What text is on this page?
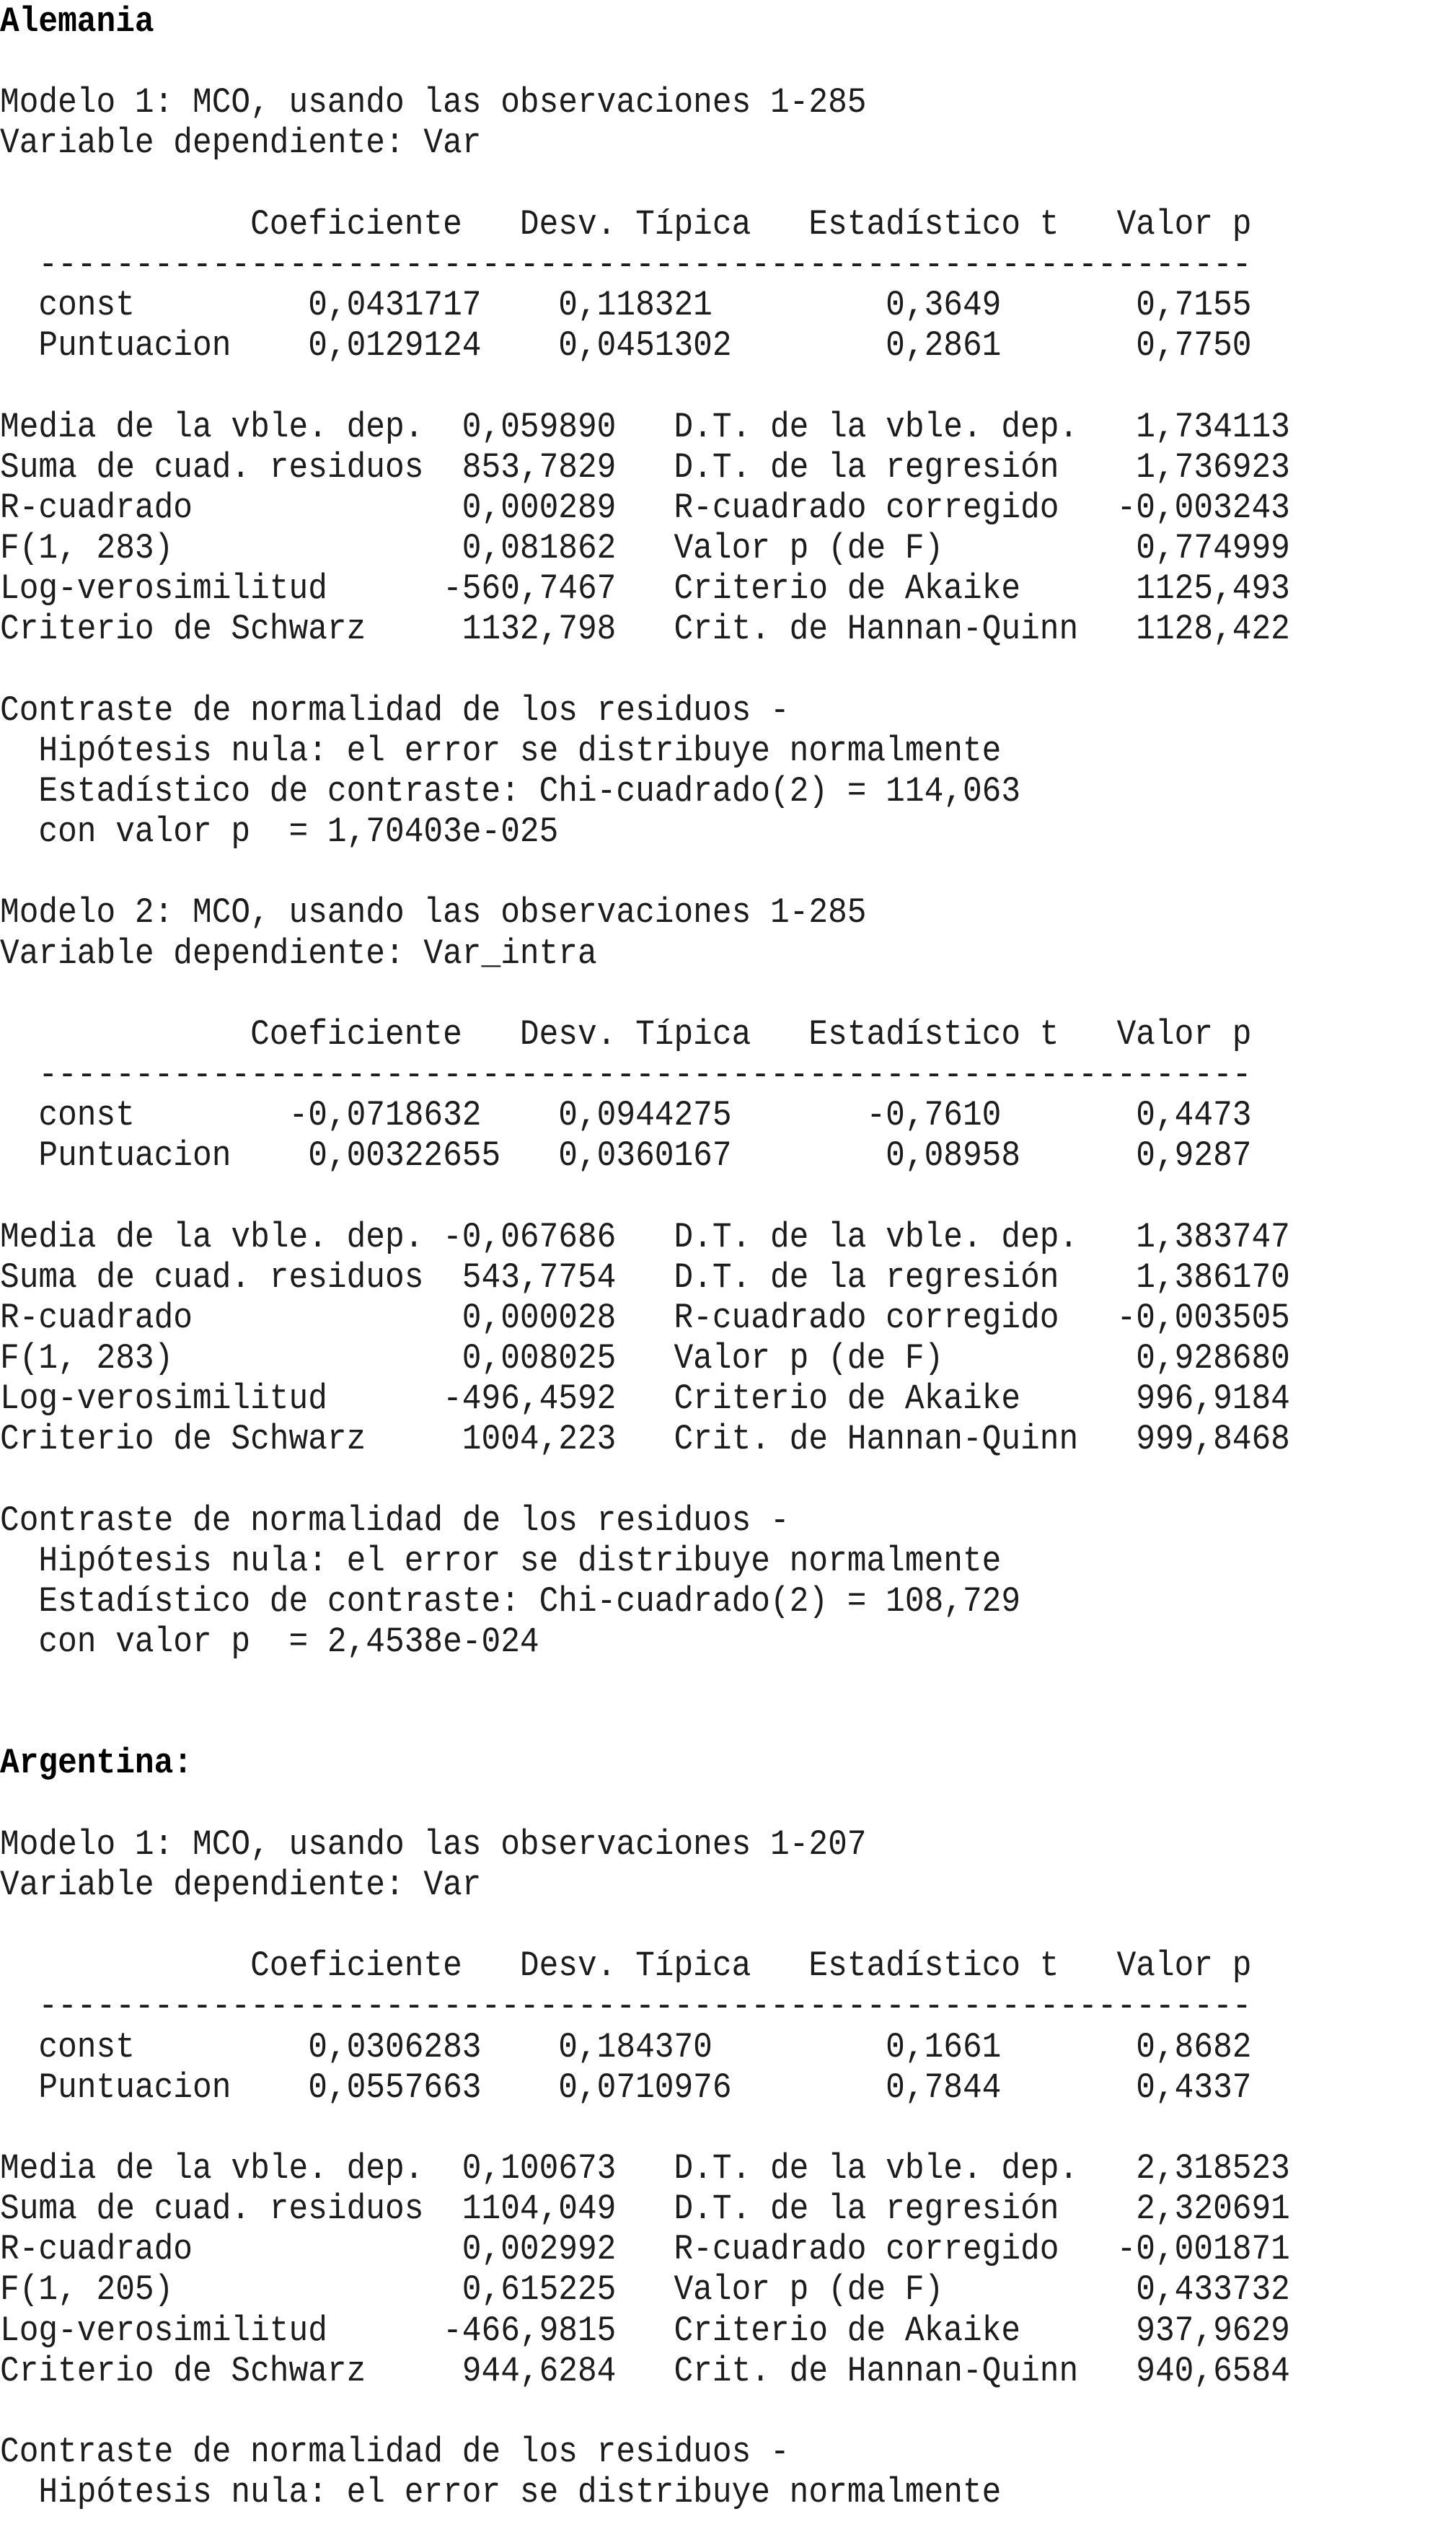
Alemania
Modelo 1: MCO, usando las observaciones 1-285
Variable dependiente: Var
Coeficiente   Desv. Típica   Estadístico t   Valor p
---------------------------------------------------------------
const         0,0431717    0,118321         0,3649       0,7155
Puntuacion    0,0129124    0,0451302        0,2861       0,7750
Media de la vble. dep.  0,059890   D.T. de la vble. dep.   1,734113
Suma de cuad. residuos  853,7829   D.T. de la regresión    1,736923
R-cuadrado              0,000289   R-cuadrado corregido   -0,003243
F(1, 283)               0,081862   Valor p (de F)          0,774999
Log-verosimilitud      -560,7467   Criterio de Akaike      1125,493
Criterio de Schwarz     1132,798   Crit. de Hannan-Quinn   1128,422
Contraste de normalidad de los residuos -
Hipótesis nula: el error se distribuye normalmente
Estadístico de contraste: Chi-cuadrado(2) = 114,063
con valor p  = 1,70403e-025
Modelo 2: MCO, usando las observaciones 1-285
Variable dependiente: Var_intra
Coeficiente   Desv. Típica   Estadístico t   Valor p
---------------------------------------------------------------
const        -0,0718632    0,0944275       -0,7610       0,4473
Puntuacion    0,00322655   0,0360167        0,08958      0,9287
Media de la vble. dep. -0,067686   D.T. de la vble. dep.   1,383747
Suma de cuad. residuos  543,7754   D.T. de la regresión    1,386170
R-cuadrado              0,000028   R-cuadrado corregido   -0,003505
F(1, 283)               0,008025   Valor p (de F)          0,928680
Log-verosimilitud      -496,4592   Criterio de Akaike      996,9184
Criterio de Schwarz     1004,223   Crit. de Hannan-Quinn   999,8468
Contraste de normalidad de los residuos -
Hipótesis nula: el error se distribuye normalmente
Estadístico de contraste: Chi-cuadrado(2) = 108,729
con valor p  = 2,4538e-024
Argentina:
Modelo 1: MCO, usando las observaciones 1-207
Variable dependiente: Var
Coeficiente   Desv. Típica   Estadístico t   Valor p
---------------------------------------------------------------
const         0,0306283    0,184370         0,1661       0,8682
Puntuacion    0,0557663    0,0710976        0,7844       0,4337
Media de la vble. dep.  0,100673   D.T. de la vble. dep.   2,318523
Suma de cuad. residuos  1104,049   D.T. de la regresión    2,320691
R-cuadrado              0,002992   R-cuadrado corregido   -0,001871
F(1, 205)               0,615225   Valor p (de F)          0,433732
Log-verosimilitud      -466,9815   Criterio de Akaike      937,9629
Criterio de Schwarz     944,6284   Crit. de Hannan-Quinn   940,6584
Contraste de normalidad de los residuos -
Hipótesis nula: el error se distribuye normalmente
